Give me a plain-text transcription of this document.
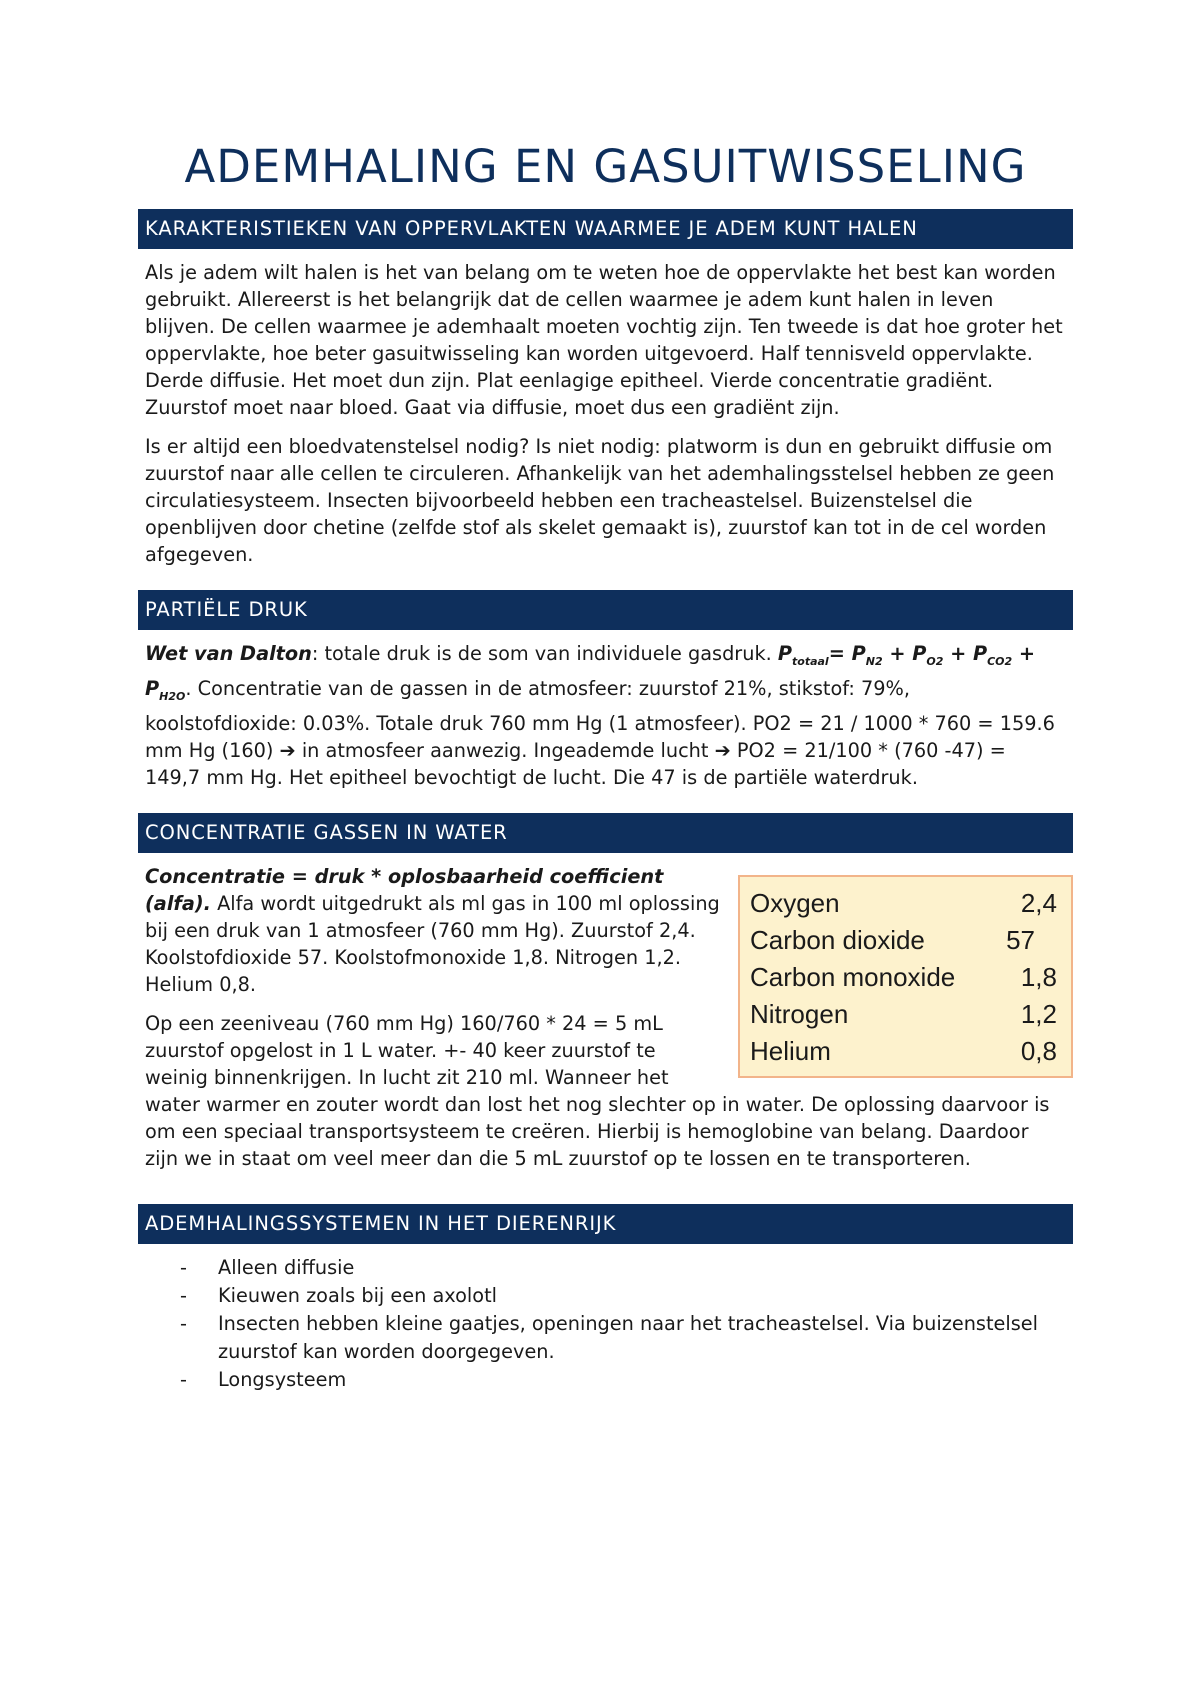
ADEMHALING EN GASUITWISSELING
KARAKTERISTIEKEN VAN OPPERVLAKTEN WAARMEE JE ADEM KUNT HALEN

Als je adem wilt halen is het van belang om te weten hoe de oppervlakte het best kan worden gebruikt. Allereerst is het belangrijk dat de cellen waarmee je adem kunt halen in leven blijven. De cellen waarmee je ademhaalt moeten vochtig zijn. Ten tweede is dat hoe groter het oppervlakte, hoe beter gasuitwisseling kan worden uitgevoerd. Half tennisveld oppervlakte. Derde diffusie. Het moet dun zijn. Plat eenlagige epitheel. Vierde concentratie gradiënt. Zuurstof moet naar bloed. Gaat via diffusie, moet dus een gradiënt zijn.

Is er altijd een bloedvatenstelsel nodig? Is niet nodig: platworm is dun en gebruikt diffusie om zuurstof naar alle cellen te circuleren. Afhankelijk van het ademhalingsstelsel hebben ze geen circulatiesysteem. Insecten bijvoorbeeld hebben een tracheastelsel. Buizenstelsel die openblijven door chetine (zelfde stof als skelet gemaakt is), zuurstof kan tot in de cel worden afgegeven.

PARTIËLE DRUK

Wet van Dalton: totale druk is de som van individuele gasdruk. $P_{totaal}= P_{N2} + P_{O2} + P_{CO2} + P_{H2O}$. Concentratie van de gassen in de atmosfeer: zuurstof 21%, stikstof: 79%, koolstofdioxide: 0.03%. Totale druk 760 mm Hg (1 atmosfeer). PO2 = 21 / 1000 * 760 = 159.6 mm Hg (160) ➔ in atmosfeer aanwezig. Ingeademde lucht ➔ PO2 = 21/100 * (760 -47) = 149,7 mm Hg. Het epitheel bevochtigt de lucht. Die 47 is de partiële waterdruk.

CONCENTRATIE GASSEN IN WATER
Oxygen	2,4
Carbon dioxide	57
Carbon monoxide	1,8
Nitrogen	1,2
Helium	0,8

Concentratie = druk * oplosbaarheid coefficient (alfa). Alfa wordt uitgedrukt als ml gas in 100 ml oplossing bij een druk van 1 atmosfeer (760 mm Hg). Zuurstof 2,4. Koolstofdioxide 57. Koolstofmonoxide 1,8. Nitrogen 1,2. Helium 0,8.

Op een zeeniveau (760 mm Hg) 160/760 * 24 = 5 mL zuurstof opgelost in 1 L water. +- 40 keer zuurstof te weinig binnenkrijgen. In lucht zit 210 ml. Wanneer het water warmer en zouter wordt dan lost het nog slechter op in water. De oplossing daarvoor is om een speciaal transportsysteem te creëren. Hierbij is hemoglobine van belang. Daardoor zijn we in staat om veel meer dan die 5 mL zuurstof op te lossen en te transporteren.

ADEMHALINGSSYSTEMEN IN HET DIERENRIJK
- Alleen diffusie
- Kieuwen zoals bij een axolotl
- Insecten hebben kleine gaatjes, openingen naar het tracheastelsel. Via buizenstelsel zuurstof kan worden doorgegeven.
- Longsysteem
